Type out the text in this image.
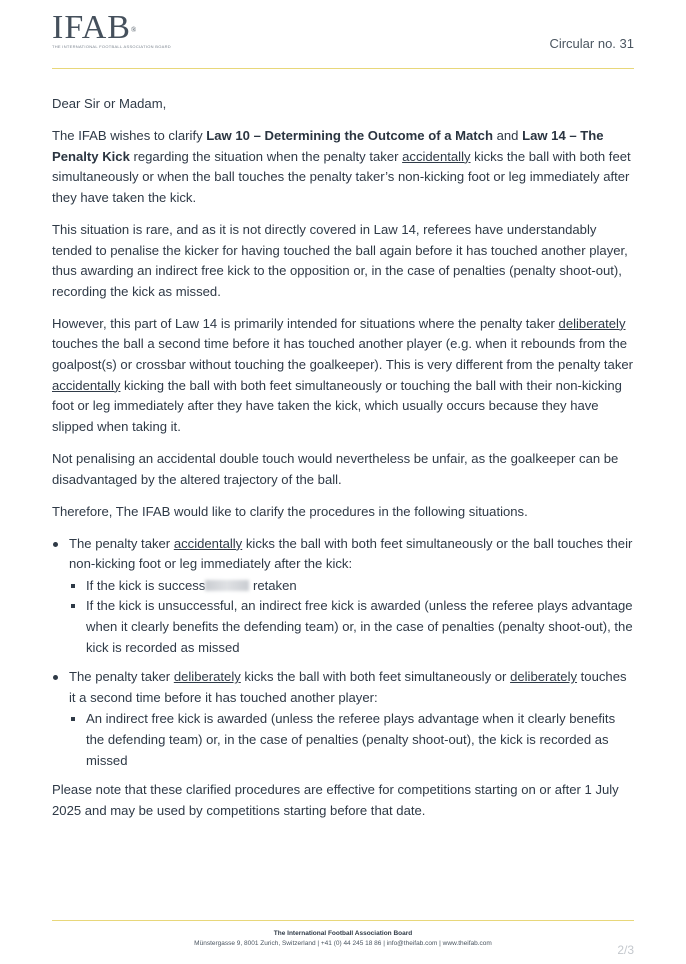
IFAB®
THE INTERNATIONAL FOOTBALL ASSOCIATION BOARD	Circular no. 31

Dear Sir or Madam,

The IFAB wishes to clarify Law 10 – Determining the Outcome of a Match and Law 14 – The Penalty Kick regarding the situation when the penalty taker accidentally kicks the ball with both feet simultaneously or when the ball touches the penalty taker’s non-kicking foot or leg immediately after they have taken the kick.

This situation is rare, and as it is not directly covered in Law 14, referees have understandably tended to penalise the kicker for having touched the ball again before it has touched another player, thus awarding an indirect free kick to the opposition or, in the case of penalties (penalty shoot-out), recording the kick as missed.

However, this part of Law 14 is primarily intended for situations where the penalty taker deliberately touches the ball a second time before it has touched another player (e.g. when it rebounds from the goalpost(s) or crossbar without touching the goalkeeper). This is very different from the penalty taker accidentally kicking the ball with both feet simultaneously or touching the ball with their non-kicking foot or leg immediately after they have taken the kick, which usually occurs because they have slipped when taking it.

Not penalising an accidental double touch would nevertheless be unfair, as the goalkeeper can be disadvantaged by the altered trajectory of the ball.

Therefore, The IFAB would like to clarify the procedures in the following situations.

The penalty taker accidentally kicks the ball with both feet simultaneously or the ball touches their non-kicking foot or leg immediately after the kick:
If the kick is success	retaken
If the kick is unsuccessful, an indirect free kick is awarded (unless the referee plays advantage when it clearly benefits the defending team) or, in the case of penalties (penalty shoot-out), the kick is recorded as missed
The penalty taker deliberately kicks the ball with both feet simultaneously or deliberately touches it a second time before it has touched another player:
An indirect free kick is awarded (unless the referee plays advantage when it clearly benefits the defending team) or, in the case of penalties (penalty shoot-out), the kick is recorded as missed

Please note that these clarified procedures are effective for competitions starting on or after 1 July 2025 and may be used by competitions starting before that date.

The International Football Association Board
Münstergasse 9, 8001 Zurich, Switzerland | +41 (0) 44 245 18 86 | info@theifab.com | www.theifab.com	2/3
